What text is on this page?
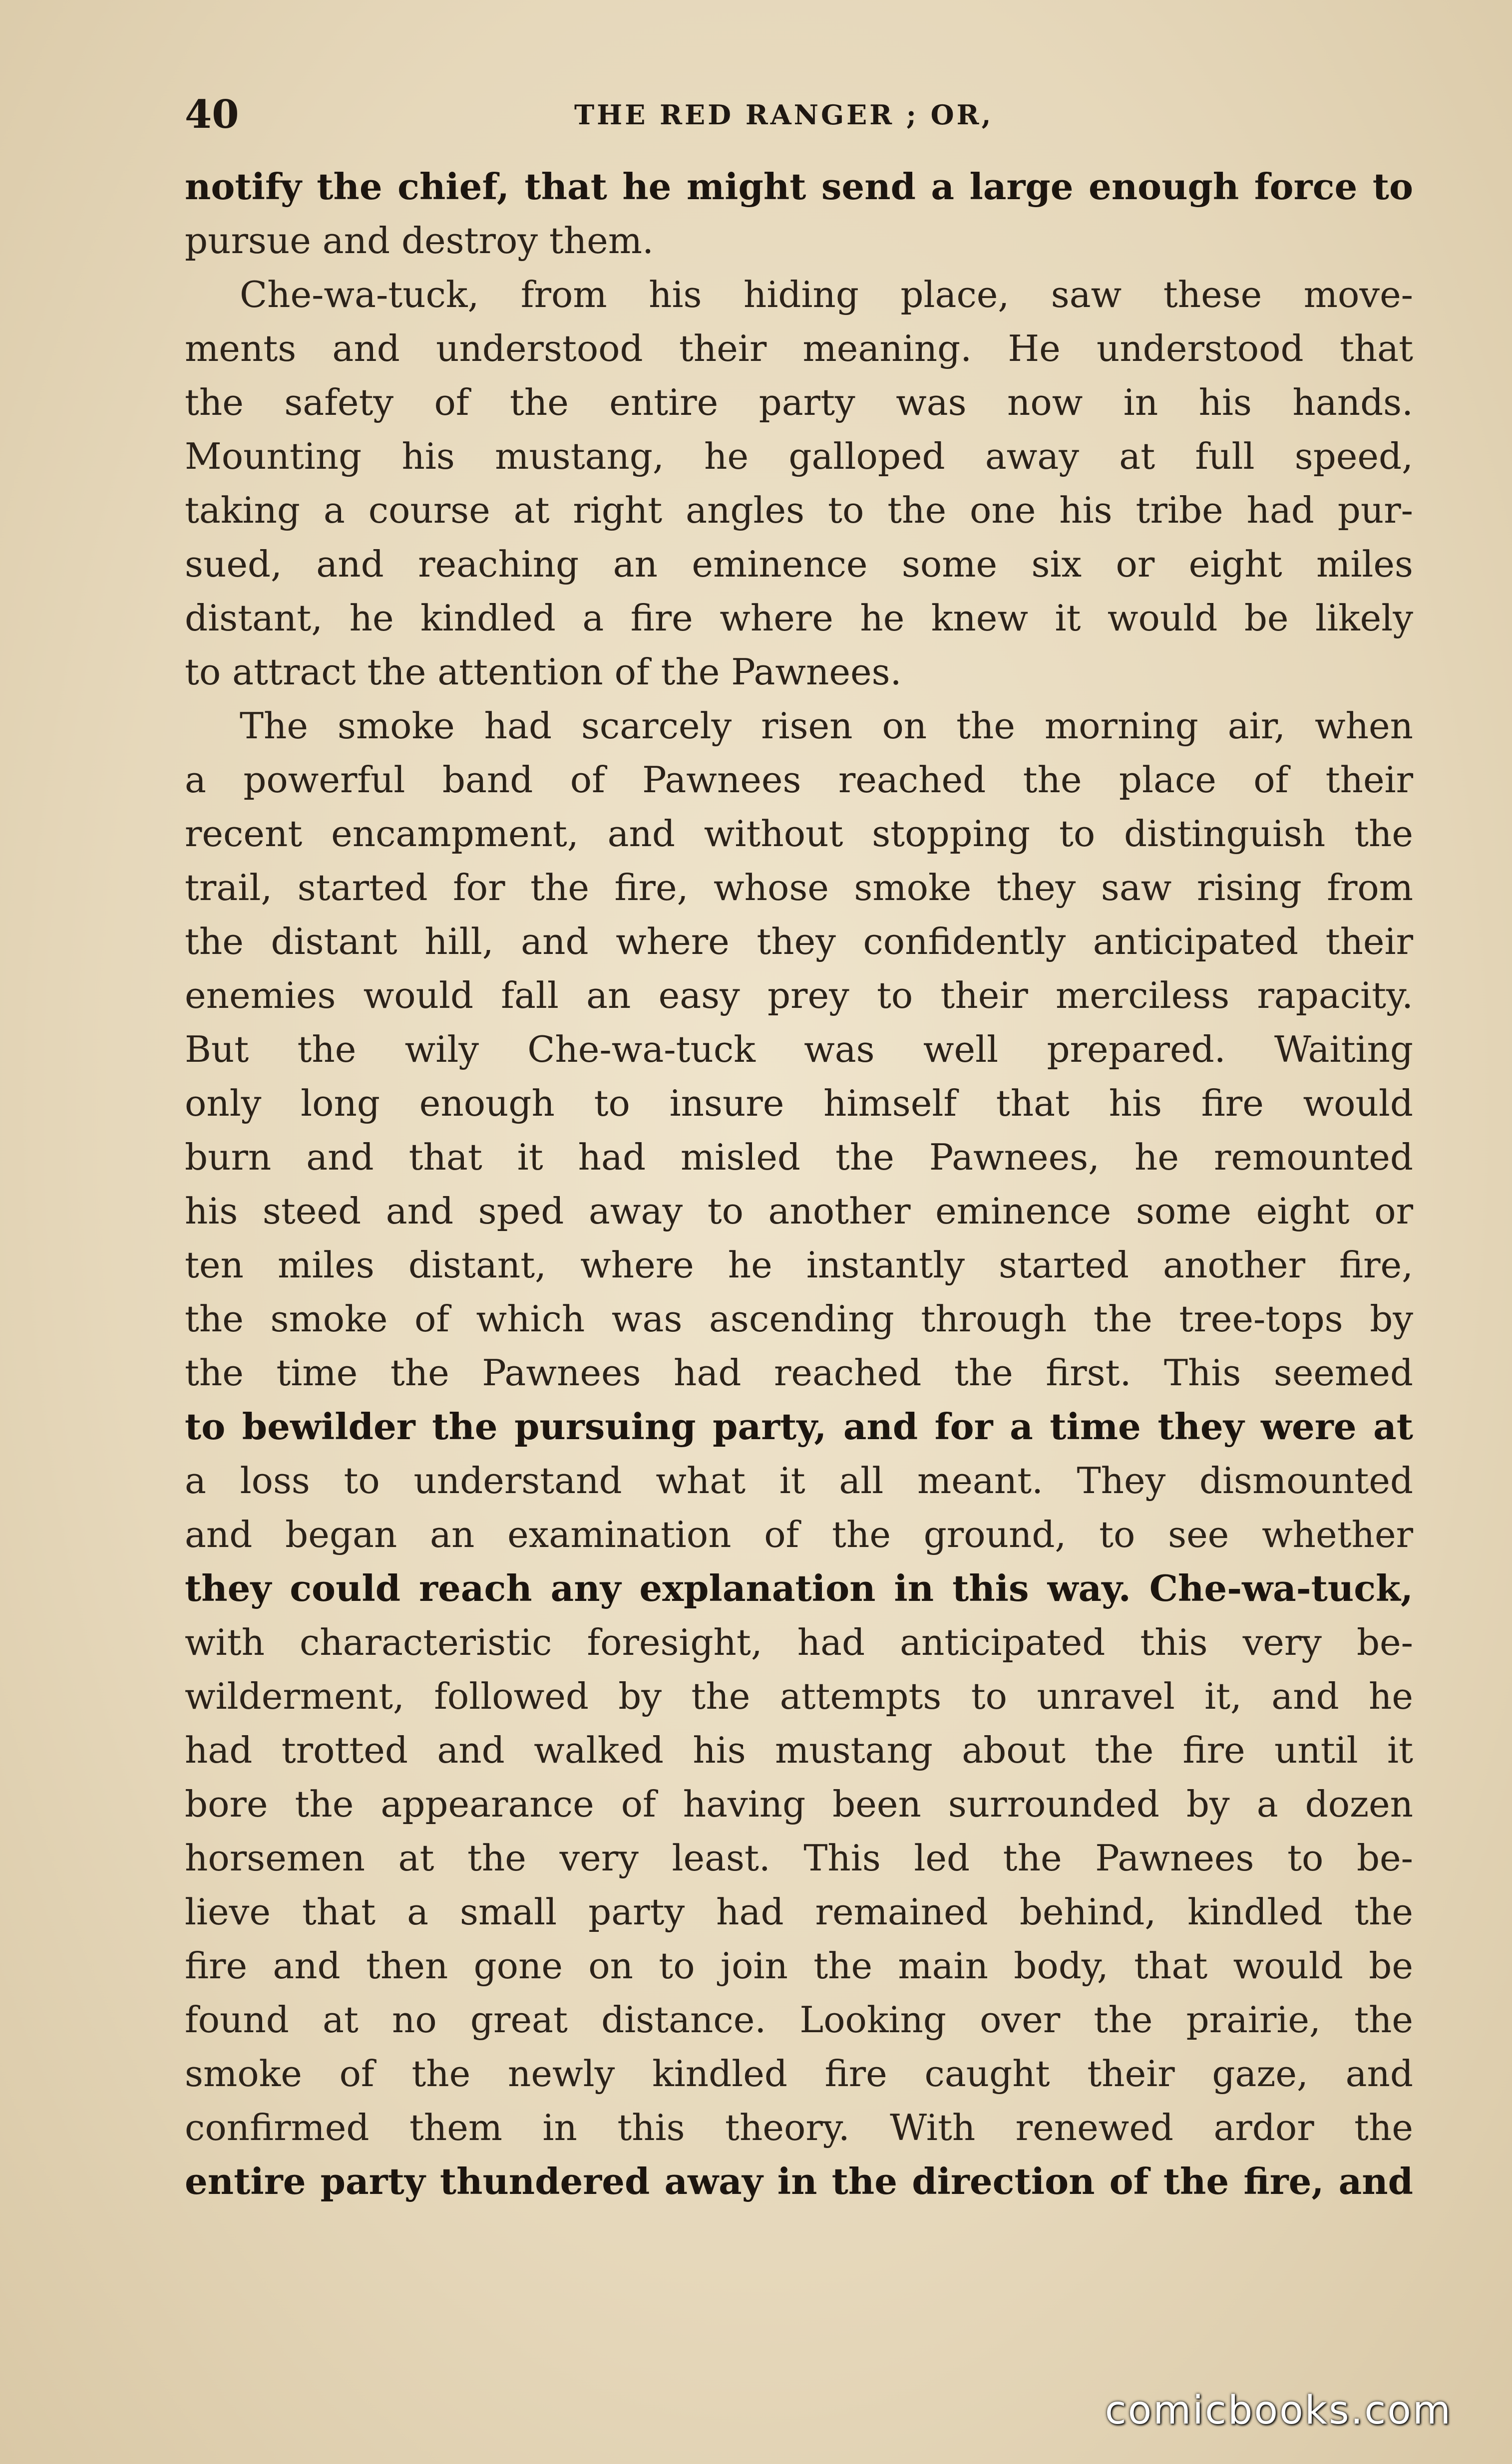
40	THE RED RANGER ; OR,
notify the chief, that he might send a large enough force to
pursue and destroy them.
Che-wa-tuck, from his hiding place, saw these move-
ments and understood their meaning. He understood that
the safety of the entire party was now in his hands.
Mounting his mustang, he galloped away at full speed,
taking a course at right angles to the one his tribe had pur-
sued, and reaching an eminence some six or eight miles
distant, he kindled a fire where he knew it would be likely
to attract the attention of the Pawnees.
The smoke had scarcely risen on the morning air, when
a powerful band of Pawnees reached the place of their
recent encampment, and without stopping to distinguish the
trail, started for the fire, whose smoke they saw rising from
the distant hill, and where they confidently anticipated their
enemies would fall an easy prey to their merciless rapacity.
But the wily Che-wa-tuck was well prepared. Waiting
only long enough to insure himself that his fire would
burn and that it had misled the Pawnees, he remounted
his steed and sped away to another eminence some eight or
ten miles distant, where he instantly started another fire,
the smoke of which was ascending through the tree-tops by
the time the Pawnees had reached the first. This seemed
to bewilder the pursuing party, and for a time they were at
a loss to understand what it all meant. They dismounted
and began an examination of the ground, to see whether
they could reach any explanation in this way. Che-wa-tuck,
with characteristic foresight, had anticipated this very be-
wilderment, followed by the attempts to unravel it, and he
had trotted and walked his mustang about the fire until it
bore the appearance of having been surrounded by a dozen
horsemen at the very least. This led the Pawnees to be-
lieve that a small party had remained behind, kindled the
fire and then gone on to join the main body, that would be
found at no great distance. Looking over the prairie, the
smoke of the newly kindled fire caught their gaze, and
confirmed them in this theory. With renewed ardor the
entire party thundered away in the direction of the fire, and
comicbooks.com
